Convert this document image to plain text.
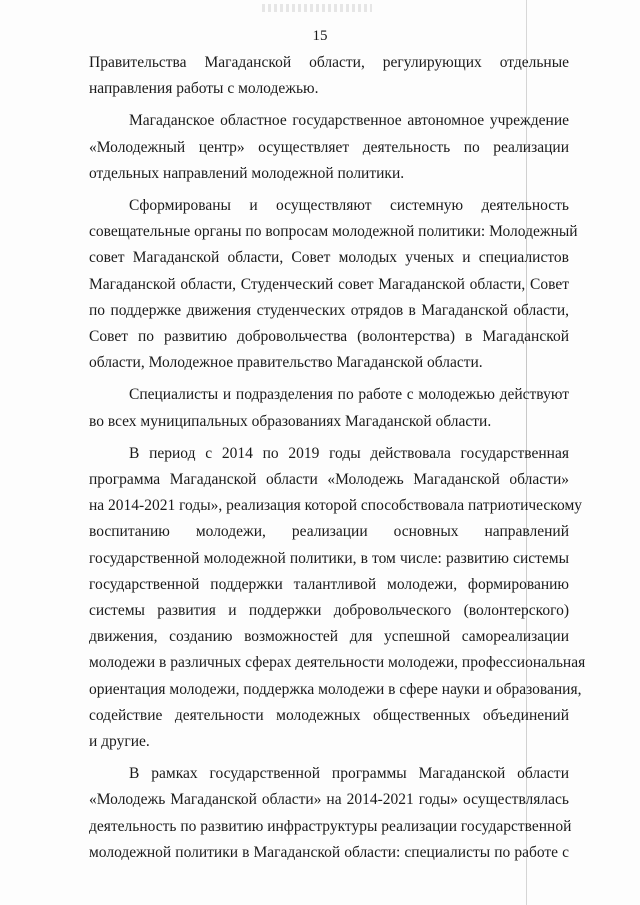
15
Правительства Магаданской области, регулирующих отдельные
направления работы с молодежью.
Магаданское областное государственное автономное учреждение
«Молодежный центр» осуществляет деятельность по реализации
отдельных направлений молодежной политики.
Сформированы и осуществляют системную деятельность
совещательные органы по вопросам молодежной политики: Молодежный
совет Магаданской области, Совет молодых ученых и специалистов
Магаданской области, Студенческий совет Магаданской области, Совет
по поддержке движения студенческих отрядов в Магаданской области,
Совет по развитию добровольчества (волонтерства) в Магаданской
области, Молодежное правительство Магаданской области.
Специалисты и подразделения по работе с молодежью действуют
во всех муниципальных образованиях Магаданской области.
В период с 2014 по 2019 годы действовала государственная
программа Магаданской области «Молодежь Магаданской области»
на 2014-2021 годы», реализация которой способствовала патриотическому
воспитанию молодежи, реализации основных направлений
государственной молодежной политики, в том числе: развитию системы
государственной поддержки талантливой молодежи, формированию
системы развития и поддержки добровольческого (волонтерского)
движения, созданию возможностей для успешной самореализации
молодежи в различных сферах деятельности молодежи, профессиональная
ориентация молодежи, поддержка молодежи в сфере науки и образования,
содействие деятельности молодежных общественных объединений
и другие.
В рамках государственной программы Магаданской области
«Молодежь Магаданской области» на 2014-2021 годы» осуществлялась
деятельность по развитию инфраструктуры реализации государственной
молодежной политики в Магаданской области: специалисты по работе с
